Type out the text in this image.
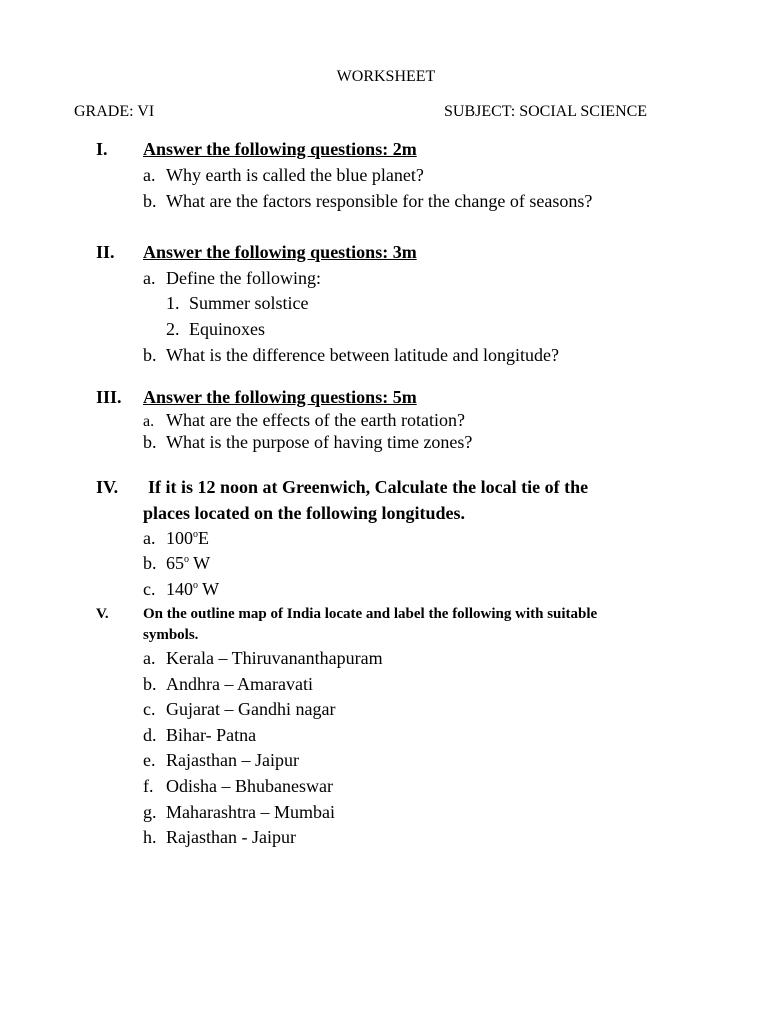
WORKSHEET
GRADE: VI	SUBJECT: SOCIAL SCIENCE
I. Answer the following questions: 2m
a. Why earth is called the blue planet?
b. What are the factors responsible for the change of seasons?
II. Answer the following questions: 3m
a. Define the following:
1. Summer solstice
2. Equinoxes
b. What is the difference between latitude and longitude?
III. Answer the following questions: 5m
a. What are the effects of the earth rotation?
b. What is the purpose of having time zones?
IV. If it is 12 noon at Greenwich, Calculate the local tie of the
places located on the following longitudes.
a. 100$^o$E
b. 65$^o$ W
c. 140$^o$ W
V. On the outline map of India locate and label the following with suitable
symbols.
a. Kerala – Thiruvananthapuram
b. Andhra – Amaravati
c. Gujarat – Gandhi nagar
d. Bihar- Patna
e. Rajasthan – Jaipur
f. Odisha – Bhubaneswar
g. Maharashtra – Mumbai
h. Rajasthan - Jaipur
